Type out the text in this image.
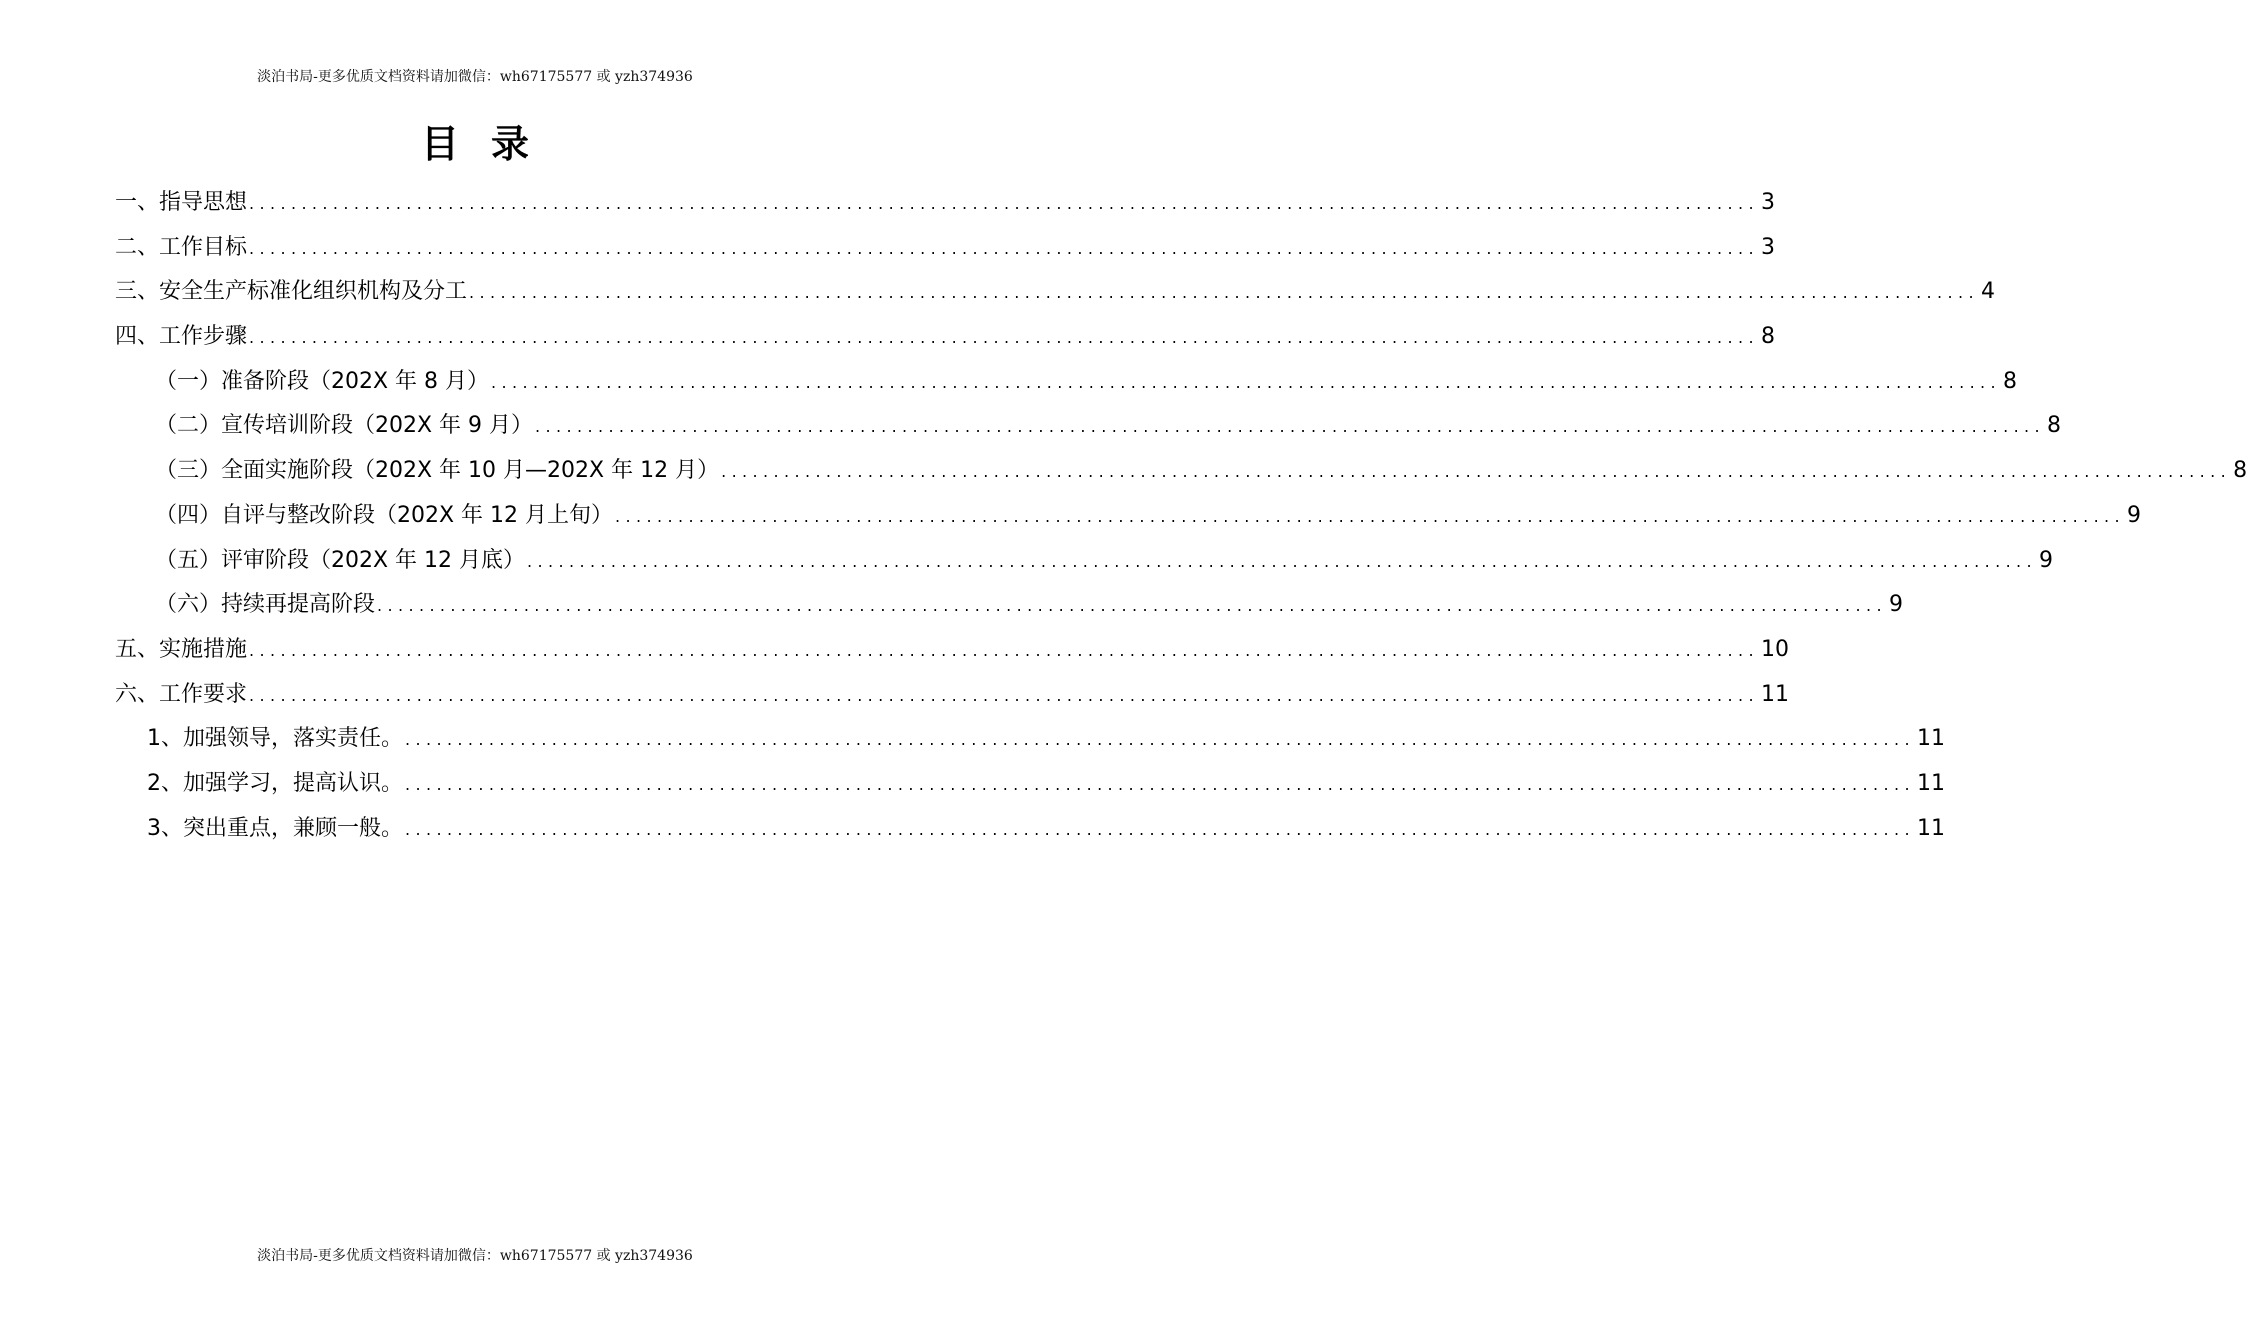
淡泊书局-更多优质文档资料请加微信：wh67175577 或 yzh374936
目录
一、指导思想 ................................................................................................................................................ 3
二、工作目标 ................................................................................................................................................ 3
三、安全生产标准化组织机构及分工 ................................................................................................................................................ 4
四、工作步骤 ................................................................................................................................................ 8
（一）准备阶段（202X 年 8 月） ................................................................................................................................................ 8
（二）宣传培训阶段（202X 年 9 月） ................................................................................................................................................ 8
（三）全面实施阶段（202X 年 10 月—202X 年 12 月） ................................................................................................................................................ 8
（四）自评与整改阶段（202X 年 12 月上旬） ................................................................................................................................................ 9
（五）评审阶段（202X 年 12 月底） ................................................................................................................................................ 9
（六）持续再提高阶段 ................................................................................................................................................ 9
五、实施措施 ................................................................................................................................................ 10
六、工作要求 ................................................................................................................................................ 11
1、加强领导，落实责任。 ................................................................................................................................................ 11
2、加强学习，提高认识。 ................................................................................................................................................ 11
3、突出重点，兼顾一般。 ................................................................................................................................................ 11
淡泊书局-更多优质文档资料请加微信：wh67175577 或 yzh374936
